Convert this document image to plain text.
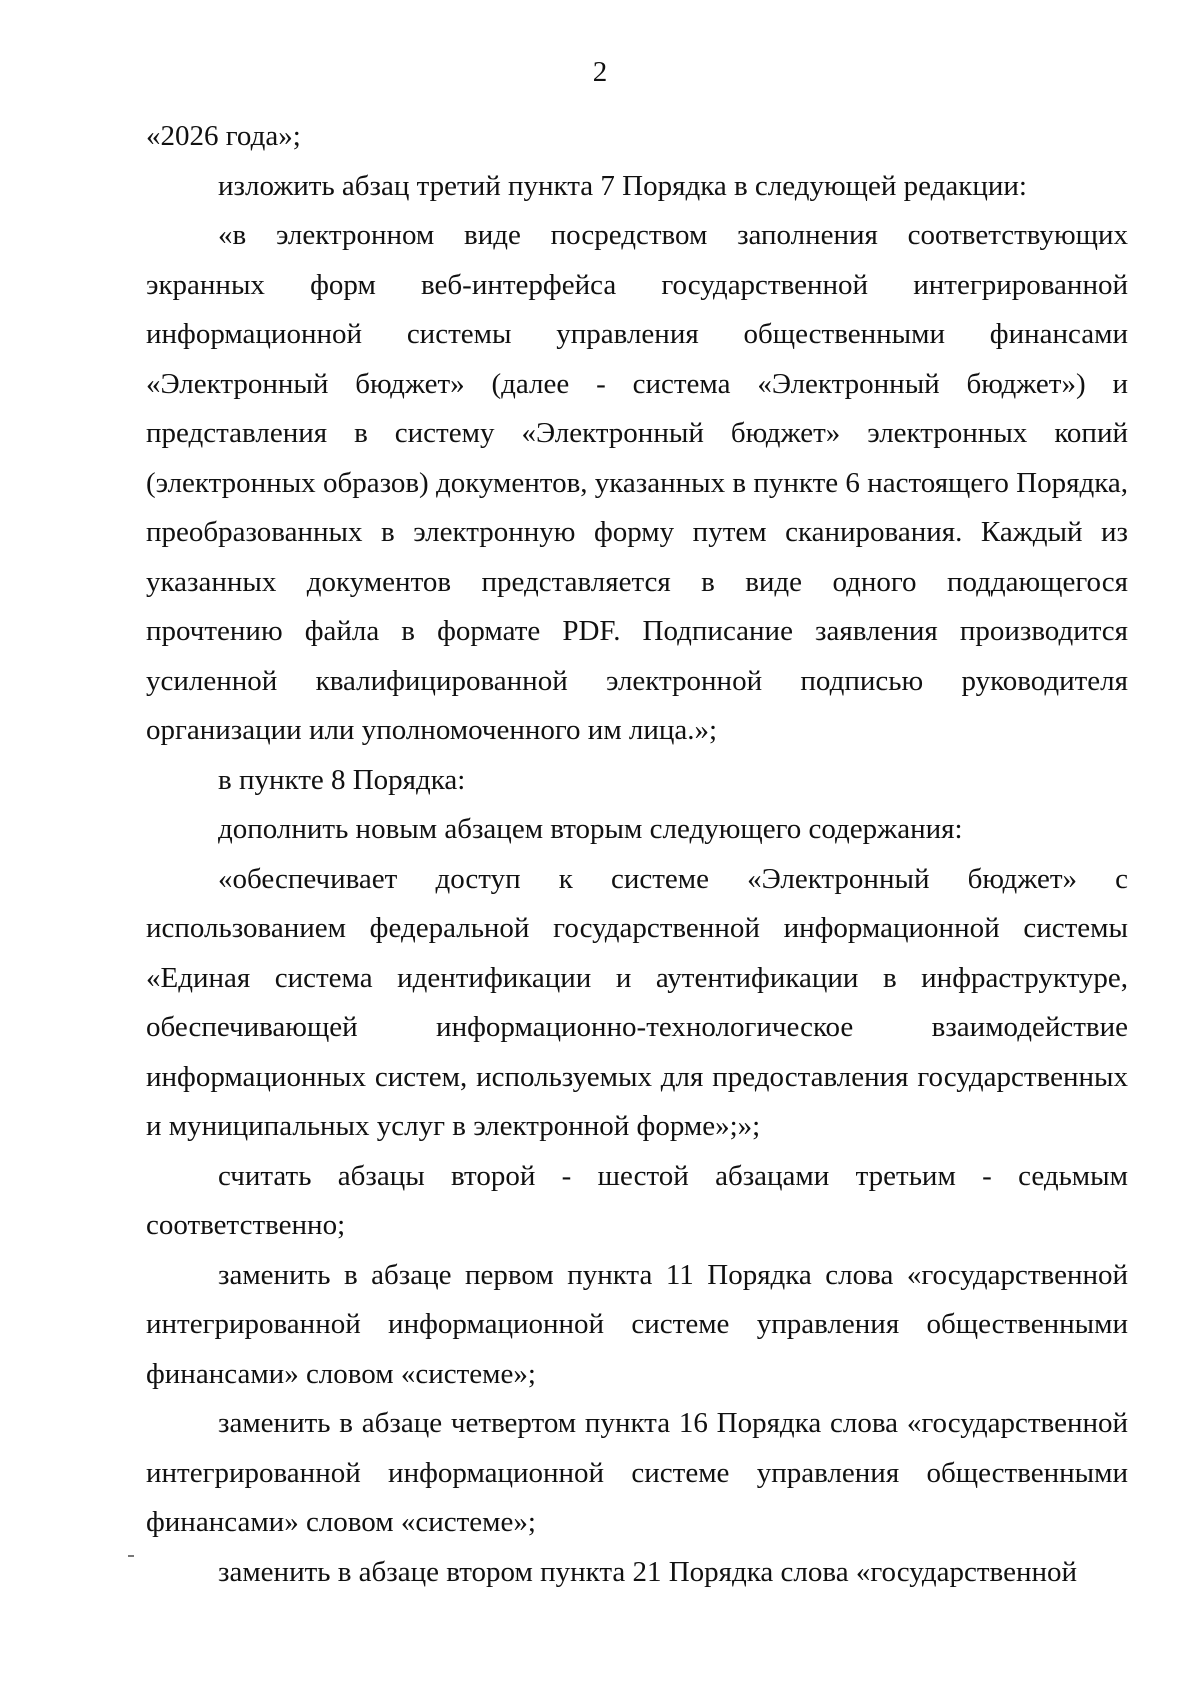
2

«2026 года»;

изложить абзац третий пункта 7 Порядка в следующей редакции:

«в электронном виде посредством заполнения соответствующих экранных форм веб-интерфейса государственной интегрированной информационной системы управления общественными финансами «Электронный бюджет» (далее - система «Электронный бюджет») и представления в систему «Электронный бюджет» электронных копий (электронных образов) документов, указанных в пункте 6 настоящего Порядка, преобразованных в электронную форму путем сканирования. Каждый из указанных документов представляется в виде одного поддающегося прочтению файла в формате PDF. Подписание заявления производится усиленной квалифицированной электронной подписью руководителя организации или уполномоченного им лица.»;

в пункте 8 Порядка:

дополнить новым абзацем вторым следующего содержания:

«обеспечивает доступ к системе «Электронный бюджет» с использованием федеральной государственной информационной системы «Единая система идентификации и аутентификации в инфраструктуре, обеспечивающей информационно-технологическое взаимодействие информационных систем, используемых для предоставления государственных и муниципальных услуг в электронной форме»;»;

считать абзацы второй - шестой абзацами третьим - седьмым соответственно;

заменить в абзаце первом пункта 11 Порядка слова «государственной интегрированной информационной системе управления общественными финансами» словом «системе»;

заменить в абзаце четвертом пункта 16 Порядка слова «государственной интегрированной информационной системе управления общественными финансами» словом «системе»;

заменить в абзаце втором пункта 21 Порядка слова «государственной
